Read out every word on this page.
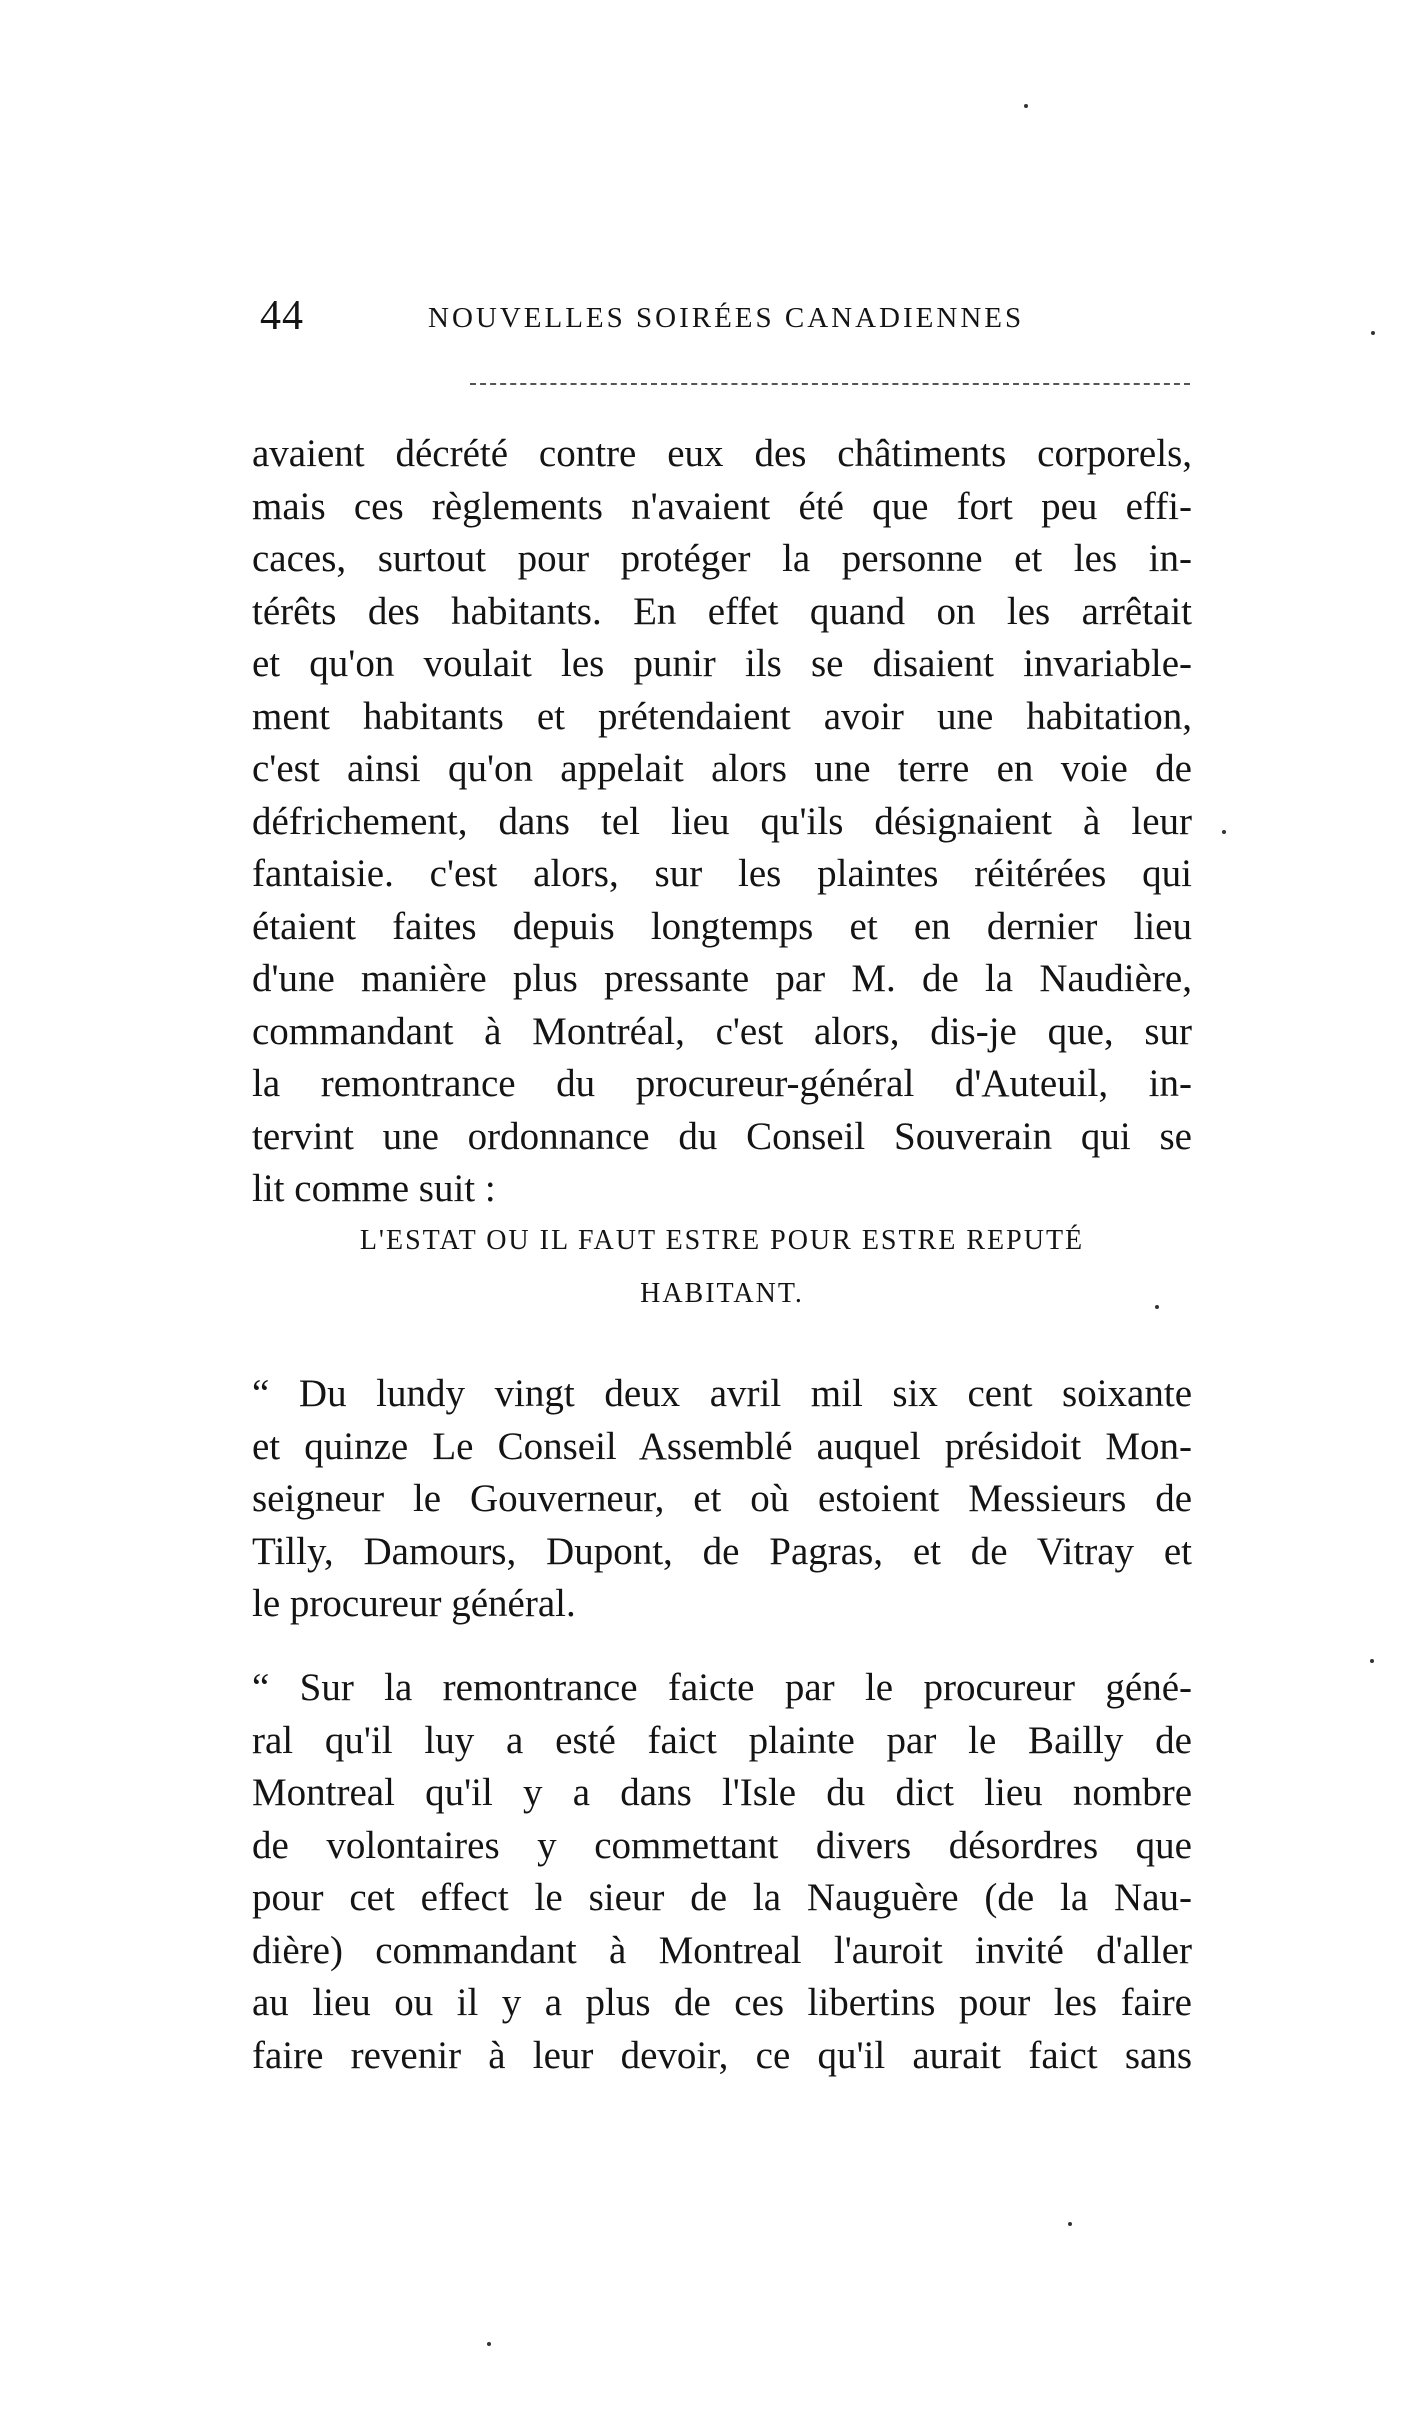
44	NOUVELLES SOIRÉES CANADIENNES
avaient décrété contre eux des châtiments corporels,
mais ces règlements n'avaient été que fort peu effi-
caces, surtout pour protéger la personne et les in-
térêts des habitants. En effet quand on les arrêtait
et qu'on voulait les punir ils se disaient invariable-
ment habitants et prétendaient avoir une habitation,
c'est ainsi qu'on appelait alors une terre en voie de
défrichement, dans tel lieu qu'ils désignaient à leur
fantaisie. c'est alors, sur les plaintes réitérées qui
étaient faites depuis longtemps et en dernier lieu
d'une manière plus pressante par M. de la Naudière,
commandant à Montréal, c'est alors, dis-je que, sur
la remontrance du procureur-général d'Auteuil, in-
tervint une ordonnance du Conseil Souverain qui se
lit comme suit :
L'ESTAT OU IL FAUT ESTRE POUR ESTRE REPUTÉ
HABITANT.
“ Du lundy vingt deux avril mil six cent soixante
et quinze Le Conseil Assemblé auquel présidoit Mon-
seigneur le Gouverneur, et où estoient Messieurs de
Tilly, Damours, Dupont, de Pagras, et de Vitray et
le procureur général.
“ Sur la remontrance faicte par le procureur géné-
ral qu'il luy a esté faict plainte par le Bailly de
Montreal qu'il y a dans l'Isle du dict lieu nombre
de volontaires y commettant divers désordres que
pour cet effect le sieur de la Nauguère (de la Nau-
dière) commandant à Montreal l'auroit invité d'aller
au lieu ou il y a plus de ces libertins pour les faire
faire revenir à leur devoir, ce qu'il aurait faict sans
